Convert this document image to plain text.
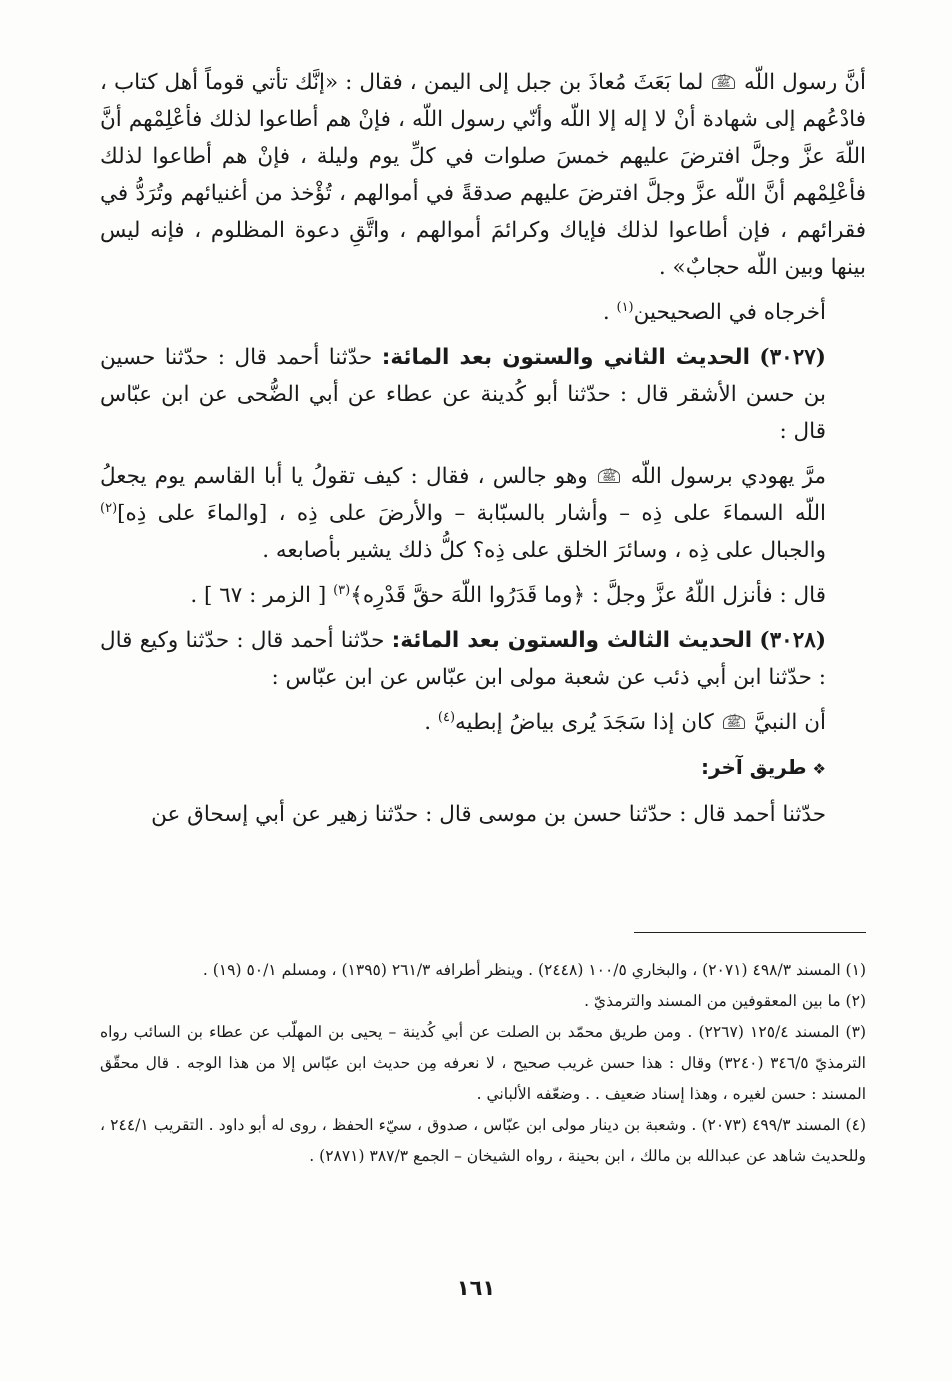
أنَّ رسول اللّه ﷺ لما بَعَثَ مُعاذَ بن جبل إلى اليمن ، فقال : «إنَّك تأتي قوماً أهل كتاب ، فادْعُهم إلى شهادة أنْ لا إله إلا اللّه وأنّي رسول اللّه ، فإنْ هم أطاعوا لذلك فأعْلِمْهم أنَّ اللّهَ عزَّ وجلَّ افترضَ عليهم خمسَ صلوات في كلِّ يوم وليلة ، فإنْ هم أطاعوا لذلك فأعْلِمْهم أنَّ اللّه عزَّ وجلَّ افترضَ عليهم صدقةً في أموالهم ، تُؤْخذ من أغنيائهم وتُرَدُّ في فقرائهم ، فإن أطاعوا لذلك فإياك وكرائمَ أموالهم ، واتَّقِ دعوة المظلوم ، فإنه ليس بينها وبين اللّه حجابٌ» .

أخرجاه في الصحيحين$^{(١)}$ .

(٣٠٢٧) الحديث الثاني والستون بعد المائة: حدّثنا أحمد قال : حدّثنا حسين بن حسن الأشقر قال : حدّثنا أبو كُدينة عن عطاء عن أبي الضُّحى عن ابن عبّاس قال :

مرَّ يهودي برسول اللّه ﷺ وهو جالس ، فقال : كيف تقولُ يا أبا القاسم يوم يجعلُ اللّه السماءَ على ذِه – وأشار بالسبّابة – والأرضَ على ذِه ، [والماءَ على ذِه]$^{(٢)}$ والجبال على ذِه ، وسائرَ الخلق على ذِه؟ كلُّ ذلك يشير بأصابعه .

قال : فأنزل اللّهُ عزَّ وجلَّ : ﴿وما قَدَرُوا اللّهَ حقَّ قَدْرِه﴾$^{(٣)}$ [ الزمر : ٦٧ ] .

(٣٠٢٨) الحديث الثالث والستون بعد المائة: حدّثنا أحمد قال : حدّثنا وكيع قال : حدّثنا ابن أبي ذئب عن شعبة مولى ابن عبّاس عن ابن عبّاس :

أن النبيَّ ﷺ كان إذا سَجَدَ يُرى بياضُ إبطيه$^{(٤)}$ .

❖طريق آخر:

حدّثنا أحمد قال : حدّثنا حسن بن موسى قال : حدّثنا زهير عن أبي إسحاق عن

(١) المسند ٤٩٨/٣ (٢٠٧١) ، والبخاري ١٠٠/٥ (٢٤٤٨) . وينظر أطرافه ٢٦١/٣ (١٣٩٥) ، ومسلم ٥٠/١ (١٩) .

(٢) ما بين المعقوفين من المسند والترمذيّ .

(٣) المسند ١٢٥/٤ (٢٢٦٧) . ومن طريق محمّد بن الصلت عن أبي كُدينة – يحيى بن المهلّب عن عطاء بن السائب رواه الترمذيّ ٣٤٦/٥ (٣٢٤٠) وقال : هذا حسن غريب صحيح ، لا نعرفه مِن حديث ابن عبّاس إلا من هذا الوجه . قال محقّق المسند : حسن لغيره ، وهذا إسناد ضعيف . . وضعّفه الألباني .

(٤) المسند ٤٩٩/٣ (٢٠٧٣) . وشعبة بن دينار مولى ابن عبّاس ، صدوق ، سيّء الحفظ ، روى له أبو داود . التقريب ٢٤٤/١ ، وللحديث شاهد عن عبدالله بن مالك ، ابن بحينة ، رواه الشيخان – الجمع ٣٨٧/٣ (٢٨٧١) .

١٦١
